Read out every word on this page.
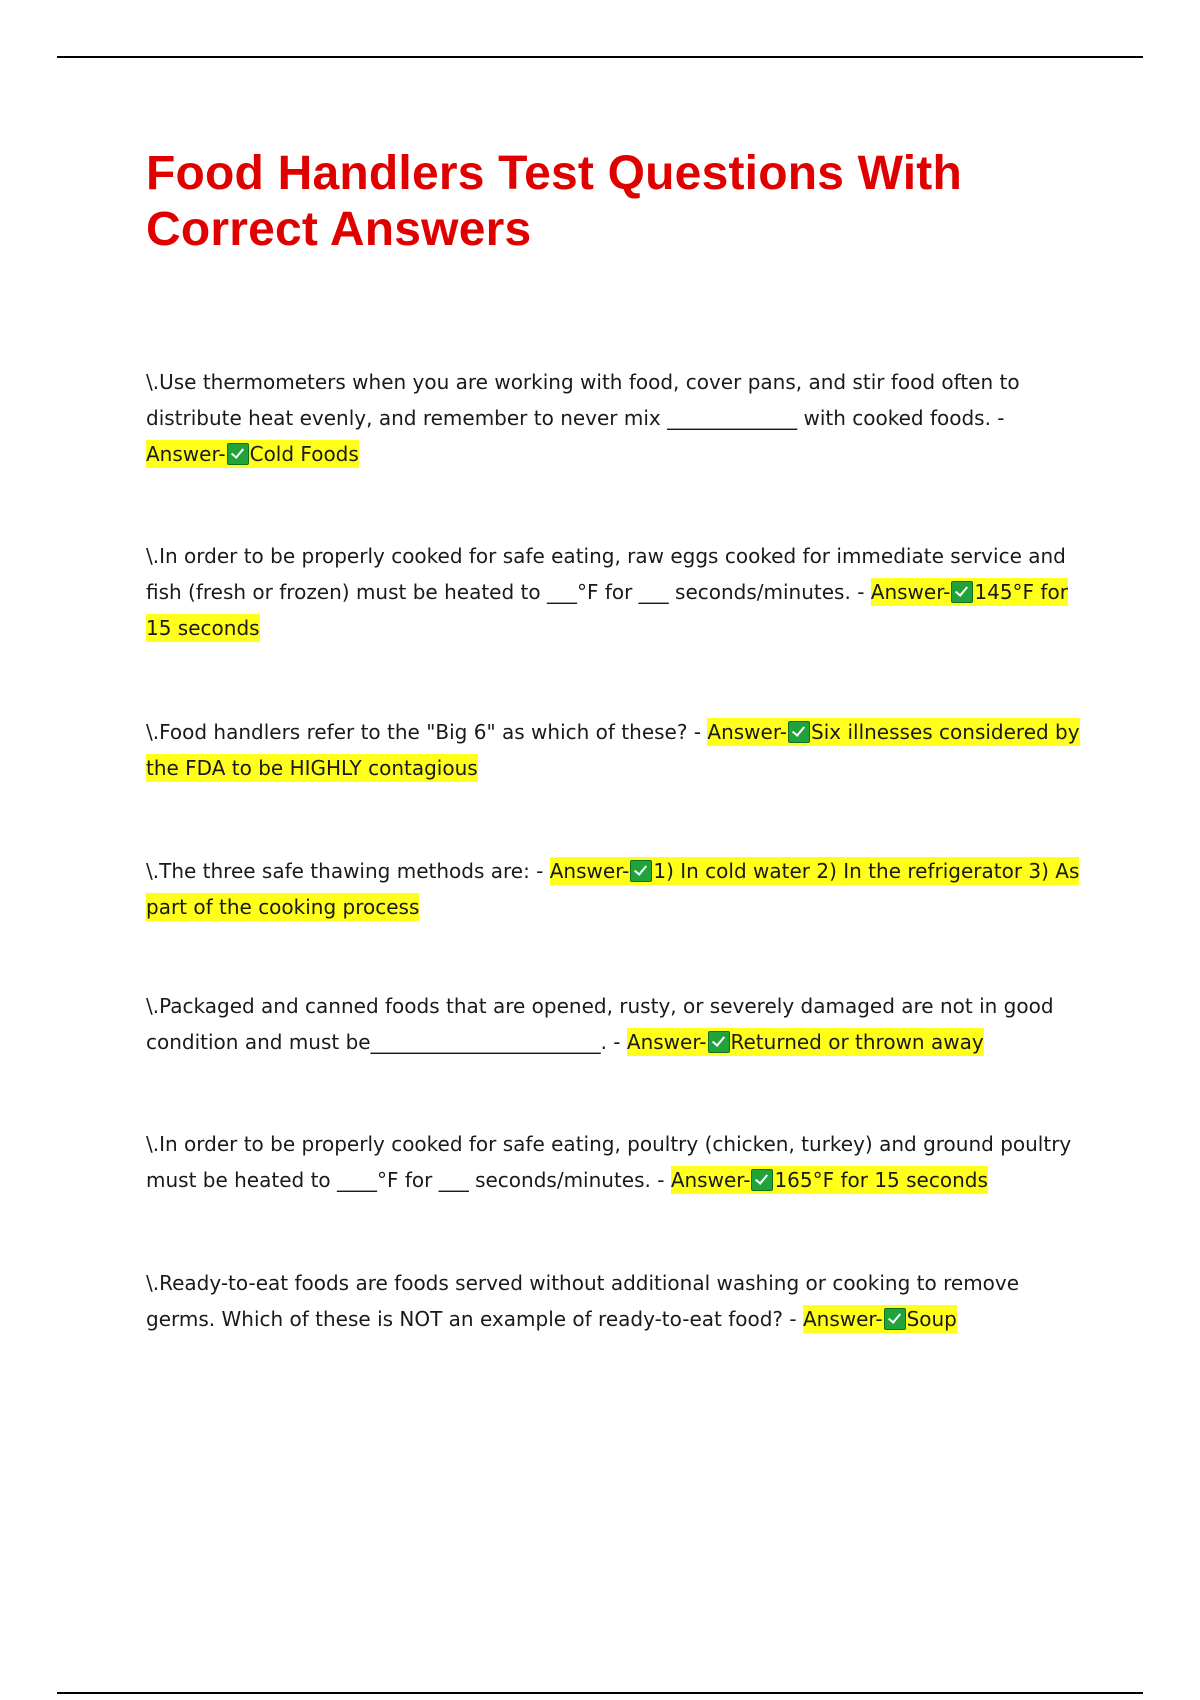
Food Handlers Test Questions With Correct Answers

\.Use thermometers when you are working with food, cover pans, and stir food often to distribute heat evenly, and remember to never mix _____________ with cooked foods. - Answer- Cold Foods

\.In order to be properly cooked for safe eating, raw eggs cooked for immediate service and fish (fresh or frozen) must be heated to ___°F for ___ seconds/minutes. - Answer- 145°F for 15 seconds

\.Food handlers refer to the "Big 6" as which of these? - Answer- Six illnesses considered by the FDA to be HIGHLY contagious

\.The three safe thawing methods are: - Answer- 1) In cold water 2) In the refrigerator 3) As part of the cooking process

\.Packaged and canned foods that are opened, rusty, or severely damaged are not in good condition and must be_______________________. - Answer- Returned or thrown away

\.In order to be properly cooked for safe eating, poultry (chicken, turkey) and ground poultry must be heated to ____°F for ___ seconds/minutes. - Answer- 165°F for 15 seconds

\.Ready-to-eat foods are foods served without additional washing or cooking to remove germs. Which of these is NOT an example of ready-to-eat food? - Answer- Soup
